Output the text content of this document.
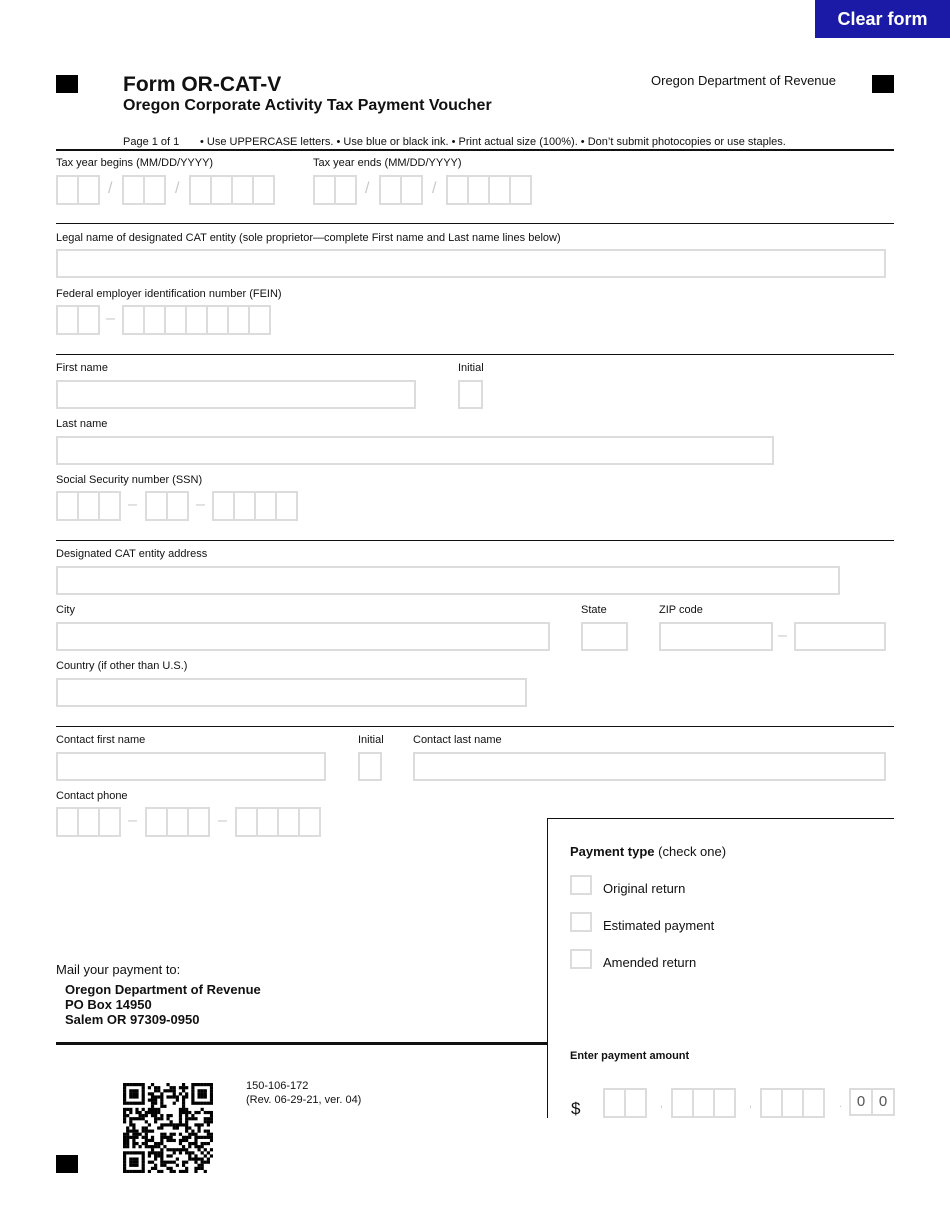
Clear form
Form OR-CAT-V
Oregon Corporate Activity Tax Payment Voucher
Oregon Department of Revenue
Page 1 of 1 • Use UPPERCASE letters. • Use blue or black ink. • Print actual size (100%). • Don’t submit photocopies or use staples.
Tax year begins (MM/DD/YYYY)
/	/
Tax year ends (MM/DD/YYYY)
/	/
Legal name of designated CAT entity (sole proprietor—complete First name and Last name lines below)
Federal employer identification number (FEIN)
–
First name	Initial
Last name
Social Security number (SSN)
–	–
Designated CAT entity address
City	State	ZIP code
–
Country (if other than U.S.)
Contact first name	Initial	Contact last name
Contact phone
–	–
Payment type (check one)
Original return
Estimated payment
Amended return
Mail your payment to:
Oregon Department of Revenue
PO Box 14950
Salem OR 97309-0950
Enter payment amount
$	,	,	. 0 0
150-106-172
(Rev. 06-29-21, ver. 04)
